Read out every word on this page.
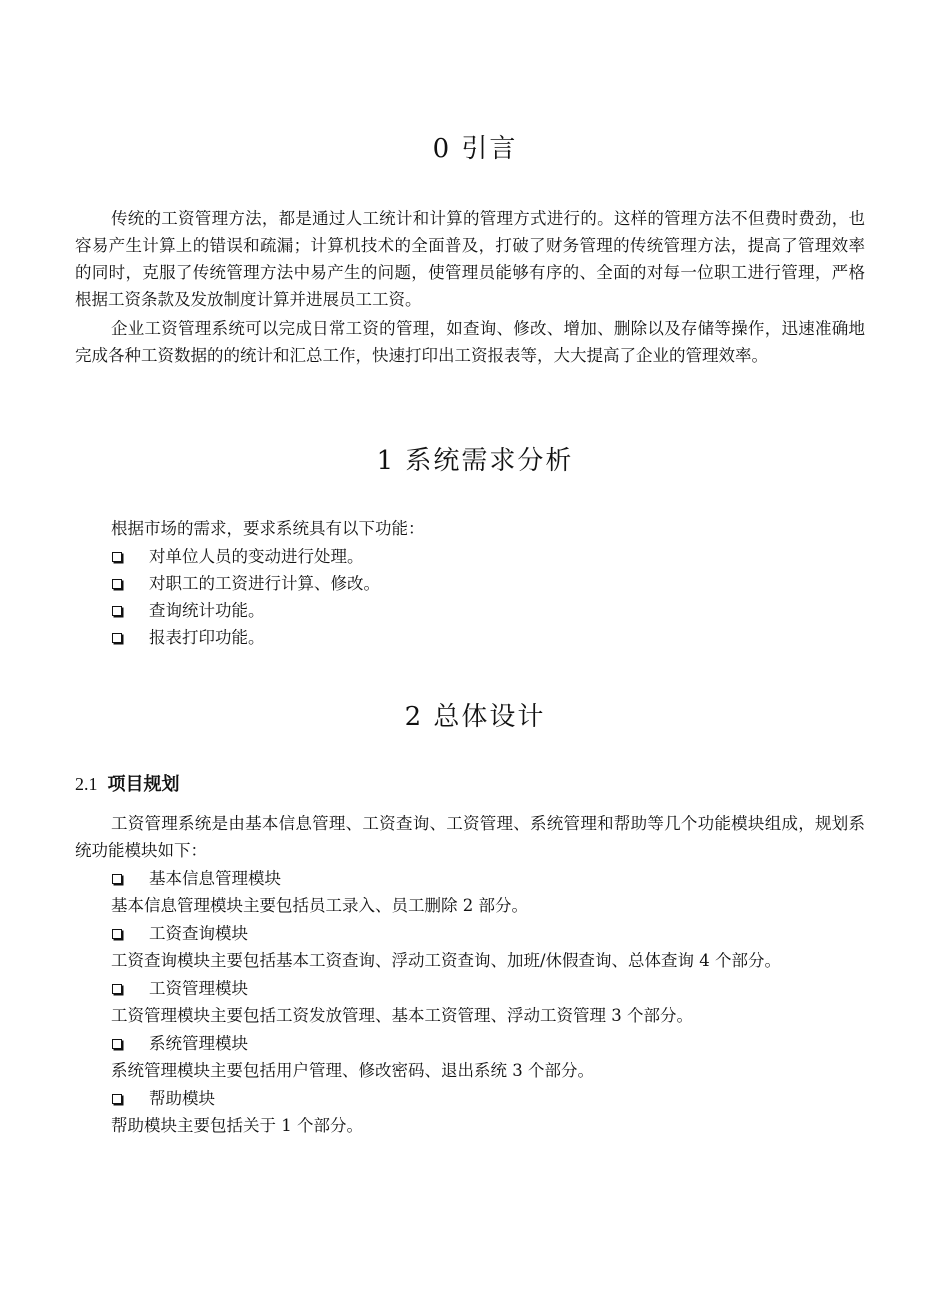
0 引言

传统的工资管理方法，都是通过人工统计和计算的管理方式进行的。这样的管理方法不但费时费劲，也容易产生计算上的错误和疏漏；计算机技术的全面普及，打破了财务管理的传统管理方法，提高了管理效率的同时，克服了传统管理方法中易产生的问题，使管理员能够有序的、全面的对每一位职工进行管理，严格根据工资条款及发放制度计算并进展员工工资。

企业工资管理系统可以完成日常工资的管理，如查询、修改、增加、删除以及存储等操作，迅速准确地完成各种工资数据的的统计和汇总工作，快速打印出工资报表等，大大提高了企业的管理效率。

1 系统需求分析

根据市场的需求，要求系统具有以下功能：

对单位人员的变动进行处理。
对职工的工资进行计算、修改。
查询统计功能。
报表打印功能。
2 总体设计
2.1 项目规划

工资管理系统是由基本信息管理、工资查询、工资管理、系统管理和帮助等几个功能模块组成，规划系统功能模块如下：

基本信息管理模块

基本信息管理模块主要包括员工录入、员工删除 2 部分。

工资查询模块

工资查询模块主要包括基本工资查询、浮动工资查询、加班/休假查询、总体查询 4 个部分。

工资管理模块

工资管理模块主要包括工资发放管理、基本工资管理、浮动工资管理 3 个部分。

系统管理模块

系统管理模块主要包括用户管理、修改密码、退出系统 3 个部分。

帮助模块

帮助模块主要包括关于 1 个部分。
